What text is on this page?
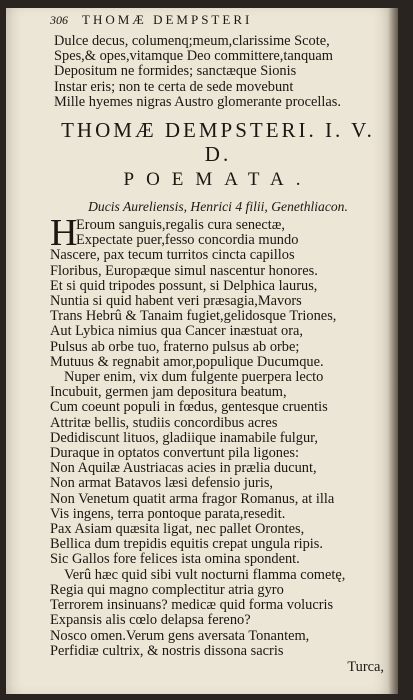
306 THOMÆ DEMPSTERI
Dulce decus, columenq;meum,clarissime Scote,
Spes,& opes,vitamque Deo committere,tanquam
Depositum ne formides; sanctæque Sionis
Instar eris; non te certa de sede movebunt
Mille hyemes nigras Austro glomerante procellas.
THOMÆ DEMPSTERI. I. V. D.
POEMATA.
Ducis Aureliensis, Henrici 4 filii, Genethliacon.
H
Eroum sanguis,regalis cura senectæ,
Expectate puer,fesso concordia mundo
Nascere, pax tecum turritos cincta capillos
Floribus, Europæque simul nascentur honores.
Et si quid tripodes possunt, si Delphica laurus,
Nuntia si quid habent veri præsagia,Mavors
Trans Hebrû & Tanaim fugiet,gelidosque Triones,
Aut Lybica nimius qua Cancer inæstuat ora,
Pulsus ab orbe tuo, fraterno pulsus ab orbe;
Mutuus & regnabit amor,populique Ducumque.
Nuper enim, vix dum fulgente puerpera lecto
Incubuit, germen jam depositura beatum,
Cum coeunt populi in fœdus, gentesque cruentis
Attritæ bellis, studiis concordibus acres
Dedidiscunt lituos, gladiique inamabile fulgur,
Duraque in optatos convertunt pila ligones:
Non Aquilæ Austriacas acies in prælia ducunt,
Non armat Batavos læsi defensio juris,
Non Venetum quatit arma fragor Romanus, at illa
Vis ingens, terra pontoque parata,resedit.
Pax Asiam quæsita ligat, nec pallet Orontes,
Bellica dum trepidis equitis crepat ungula ripis.
Sic Gallos fore felices ista omina spondent.
Verû hæc quid sibi vult nocturni flamma cometę,
Regia qui magno complectitur atria gyro
Terrorem insinuans? medicæ quid forma volucris
Expansis alis cœlo delapsa fereno?
Nosco omen.Verum gens aversata Tonantem,
Perfidiæ cultrix, & nostris dissona sacris
Turca,
